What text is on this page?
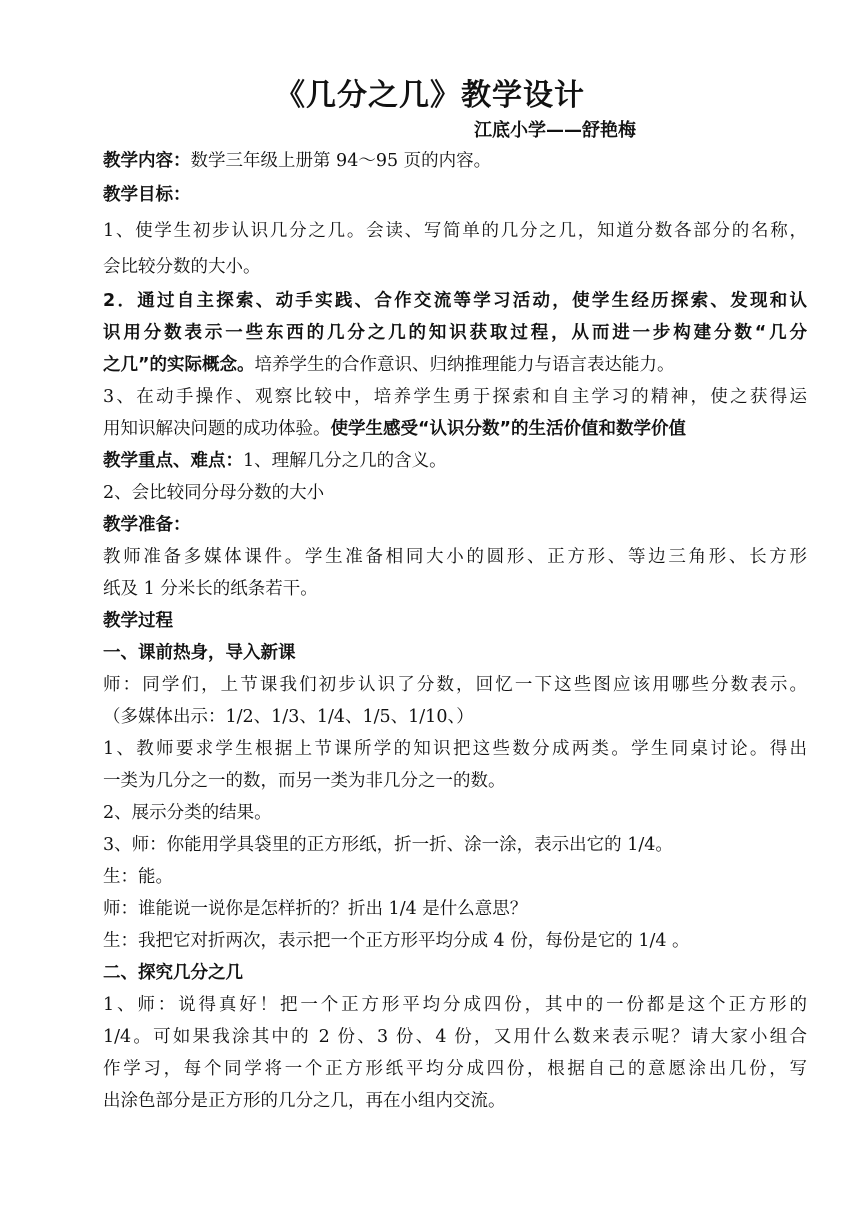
《几分之几》教学设计
江底小学——舒艳梅
教学内容：数学三年级上册第 94～95 页的内容。
教学目标：
1、使学生初步认识几分之几。会读、写简单的几分之几，知道分数各部分的名称，
会比较分数的大小。
2．通过自主探索、动手实践、合作交流等学习活动，使学生经历探索、发现和认
识用分数表示一些东西的几分之几的知识获取过程，从而进一步构建分数“几分
之几”的实际概念。培养学生的合作意识、归纳推理能力与语言表达能力。
3、在动手操作、观察比较中，培养学生勇于探索和自主学习的精神，使之获得运
用知识解决问题的成功体验。使学生感受“认识分数”的生活价值和数学价值
教学重点、难点：1、理解几分之几的含义。
2、会比较同分母分数的大小
教学准备：
教师准备多媒体课件。学生准备相同大小的圆形、正方形、等边三角形、长方形
纸及 1 分米长的纸条若干。
教学过程
一、课前热身，导入新课
师：同学们，上节课我们初步认识了分数，回忆一下这些图应该用哪些分数表示。
（多媒体出示：1/2、1/3、1/4、1/5、1/10、）
1、教师要求学生根据上节课所学的知识把这些数分成两类。学生同桌讨论。得出
一类为几分之一的数，而另一类为非几分之一的数。
2、展示分类的结果。
3、师：你能用学具袋里的正方形纸，折一折、涂一涂，表示出它的 1/4。
生：能。
师：谁能说一说你是怎样折的？折出 1/4 是什么意思？
生：我把它对折两次，表示把一个正方形平均分成 4 份，每份是它的 1/4 。
二、探究几分之几
1、师：说得真好！把一个正方形平均分成四份，其中的一份都是这个正方形的
1/4。可如果我涂其中的 2 份、3 份、4 份，又用什么数来表示呢？请大家小组合
作学习，每个同学将一个正方形纸平均分成四份，根据自己的意愿涂出几份，写
出涂色部分是正方形的几分之几，再在小组内交流。
